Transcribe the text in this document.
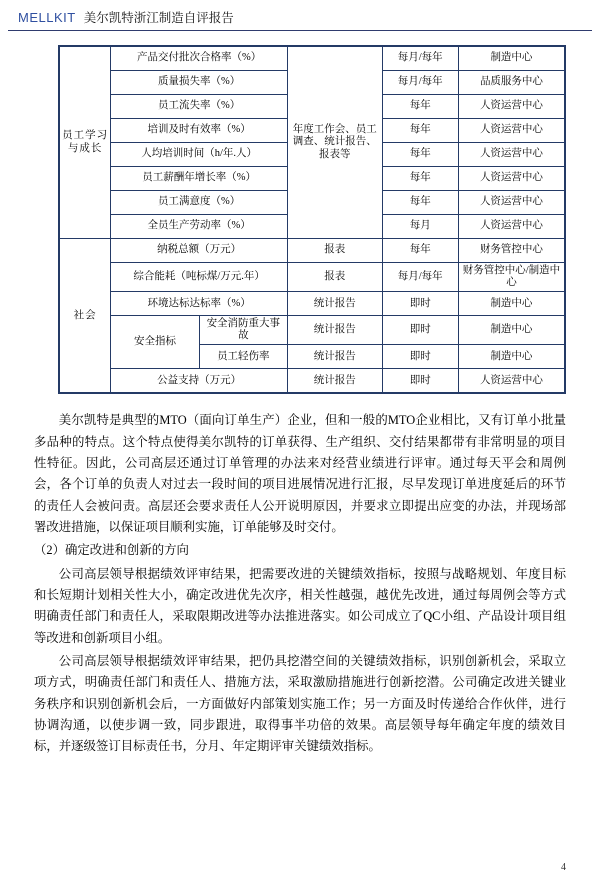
MELLKIT 美尔凯特浙江制造自评报告
员工学习与成长	产品交付批次合格率（%）		年度工作会、员工调查、统计报告、报表等	每月/每年	制造中心
	质量损失率（%）			每月/每年	品质服务中心
	员工流失率（%）			每年	人资运营中心
	培训及时有效率（%）			每年	人资运营中心
	人均培训时间（h/年.人）			每年	人资运营中心
	员工薪酬年增长率（%）			每年	人资运营中心
	员工满意度（%）			每年	人资运营中心
	全员生产劳动率（%）			每月	人资运营中心
社会	纳税总额（万元）		报表	每年	财务管控中心
	综合能耗（吨标煤/万元.年）		报表	每月/每年	财务管控中心/制造中心
	环境达标达标率（%）		统计报告	即时	制造中心
	安全指标	安全消防重大事故	统计报告	即时	制造中心
		员工轻伤率	统计报告	即时	制造中心
	公益支持（万元）		统计报告	即时	人资运营中心

美尔凯特是典型的MTO（面向订单生产）企业，但和一般的MTO企业相比，又有订单小批量多品种的特点。这个特点使得美尔凯特的订单获得、生产组织、交付结果都带有非常明显的项目性特征。因此，公司高层还通过订单管理的办法来对经营业绩进行评审。通过每天平会和周例会，各个订单的负责人对过去一段时间的项目进展情况进行汇报，尽早发现订单进度延后的环节的责任人会被问责。高层还会要求责任人公开说明原因，并要求立即提出应变的办法，并现场部署改进措施，以保证项目顺利实施，订单能够及时交付。

（2）确定改进和创新的方向

公司高层领导根据绩效评审结果，把需要改进的关键绩效指标，按照与战略规划、年度目标和长短期计划相关性大小，确定改进优先次序，相关性越强，越优先改进，通过每周例会等方式明确责任部门和责任人，采取限期改进等办法推进落实。如公司成立了QC小组、产品设计项目组等改进和创新项目小组。

公司高层领导根据绩效评审结果，把仍具挖潜空间的关键绩效指标，识别创新机会，采取立项方式，明确责任部门和责任人、措施方法，采取激励措施进行创新挖潜。公司确定改进关键业务秩序和识别创新机会后，一方面做好内部策划实施工作；另一方面及时传递给合作伙伴，进行协调沟通，以使步调一致，同步跟进，取得事半功倍的效果。高层领导每年确定年度的绩效目标，并逐级签订目标责任书，分月、年定期评审关键绩效指标。

4
